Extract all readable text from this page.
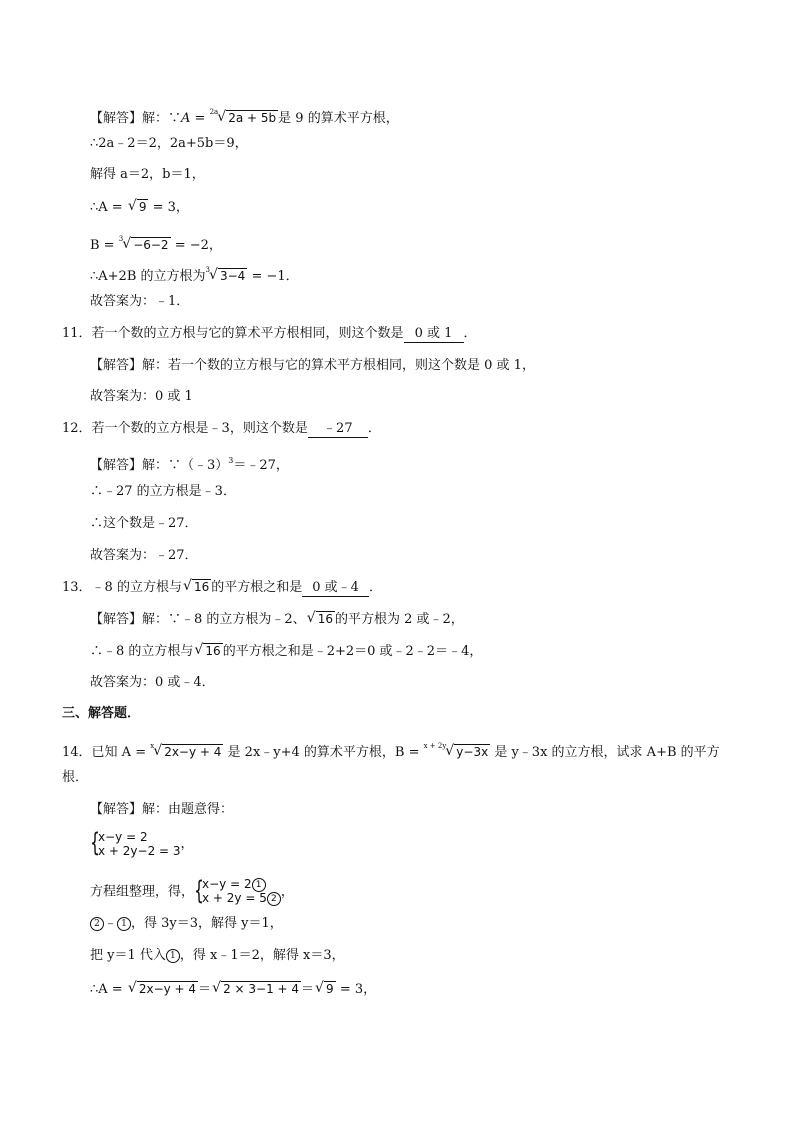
【解答】解：∵A = $^{2a}$ √ 2a + 5b 是 9 的算术平方根，
∴2a﹣2＝2，2a+5b＝9，
解得 a＝2，b＝1，
∴A = √ 9 = 3，
B = $^3$ √ −6−2 = −2，
∴A+2B 的立方根为$^3$ √ 3−4 = −1．
故答案为：﹣1．
11．若一个数的立方根与它的算术平方根相同，则这个数是 0 或 1 ．
【解答】解：若一个数的立方根与它的算术平方根相同，则这个数是 0 或 1，
故答案为：0 或 1
12．若一个数的立方根是﹣3，则这个数是 ﹣27 ．
【解答】解：∵（﹣3）$^3$＝﹣27，
∴﹣27 的立方根是﹣3．
∴这个数是﹣27．
故答案为：﹣27．
13．﹣8 的立方根与 √ 16 的平方根之和是 0 或﹣4 ．
【解答】解：∵﹣8 的立方根为﹣2、 √ 16 的平方根为 2 或﹣2，
∴﹣8 的立方根与 √ 16 的平方根之和是﹣2+2＝0 或﹣2﹣2＝﹣4，
故答案为：0 或﹣4．
三、解答题．
14．已知 A = $^x$ √ 2x−y + 4 是 2x﹣y+4 的算术平方根，B = $^{x + 2y}$ √ y−3x 是 y﹣3x 的立方根，试求 A+B 的平方
根．
【解答】解：由题意得：
{
x−y = 2
x + 2y−2 = 3 ，
方程组整理，得， {
x−y = 2 1
x + 2y = 5 2 ，
2 ﹣ 1 ，得 3y＝3，解得 y＝1，
把 y＝1 代入 1 ，得 x﹣1＝2，解得 x＝3，
∴A = √ 2x−y + 4 ＝ √ 2 × 3−1 + 4 ＝ √ 9 = 3，
